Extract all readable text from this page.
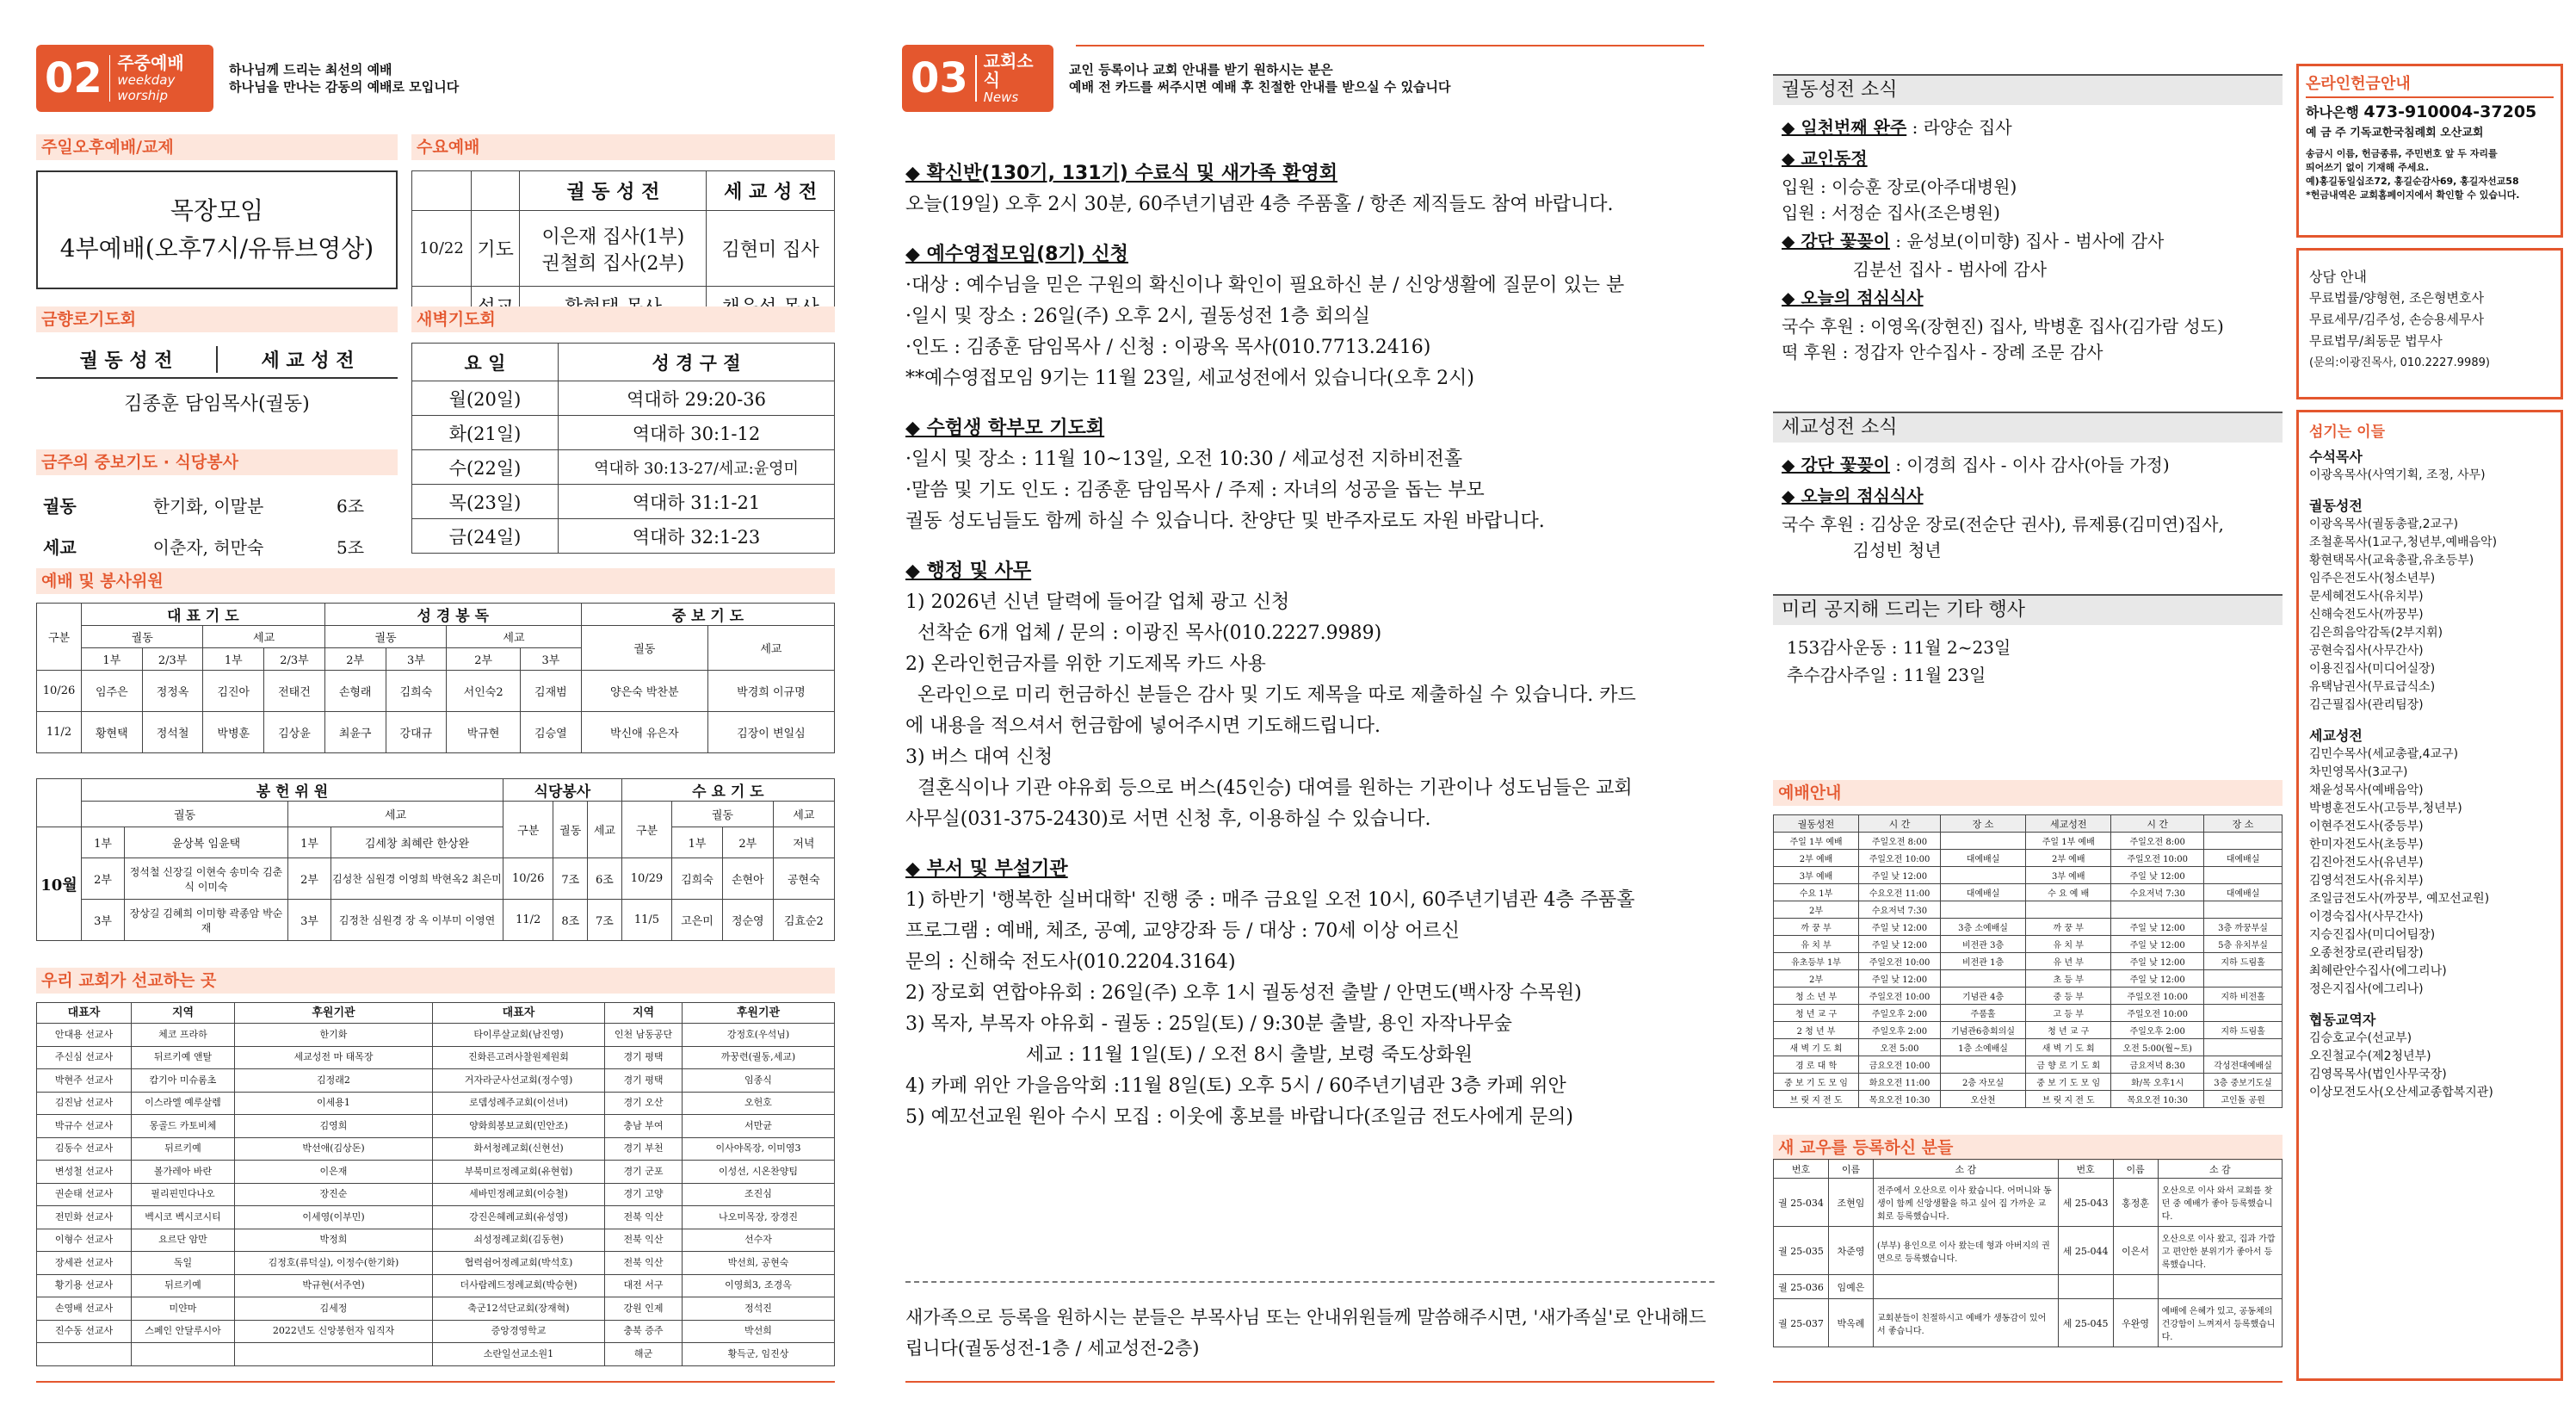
02 주중예배
weekday worship
하나님께 드리는 최선의 예배
하나님을 만나는 감동의 예배로 모입니다
주일오후예배/교제
목장모임
4부예배(오후7시/유튜브영상)
수요예배
		궐 동 성 전	세 교 성 전
10/22	기도	이은재 집사(1부)
권철희 집사(2부)	김현미 집사

금향로기도회
궐 동 성 전	세 교 성 전
김종훈 담임목사(궐동)
새벽기도회
요 일	성 경 구 절
월(20일)	역대하 29:20-36
화(21일)	역대하 30:1-12
수(22일)	역대하 30:13-27/세교:윤영미
목(23일)	역대하 31:1-21
금(24일)	역대하 32:1-23
금주의 중보기도 · 식당봉사
궐동	한기화, 이말분	6조
세교	이춘자, 허만숙	5조
예배 및 봉사위원
구분	대 표 기 도				성 경 봉 독				중 보 기 도	
	궐동		세교		궐동		세교		궐동	세교
	1부	2/3부	1부	2/3부	2부	3부	2부	3부		
10/26	임주은	정정옥	김진아	전태건	손형래	김희숙	서인숙2	김재범	양은숙 박찬분	박경희 이규명
11/2	황현택	정석철	박병훈	김상윤	최윤구	강대규	박규현	김승열	박신애 유은자	김장이 변일심
	봉 헌 위 원				식당봉사			수 요 기 도			
	궐동		세교		구분	궐동	세교	구분	궐동		세교
10월	1부	윤상복 임윤택	1부	김세창 최혜란 한상완					1부	2부	저녁
	2부	정석철 신장길 이현숙 송미숙 김춘식 이미숙	2부	김성찬 심원경 이영희 박현옥2 최은미	10/26	7조	6조	10/29	김희숙	손현아	공현숙
	3부	장상길 김혜희 이미향 곽종암 박순재	3부	김정찬 심원경 장 옥 이부미 이영연	11/2	8조	7조	11/5	고은미	정순영	김효순2
우리 교회가 선교하는 곳
대표자	지역	후원기관	대표자	지역	후원기관
안대용 선교사	체코 프라하	한기화	타이루살교회(남진영)	인천 남동공단	강정호(우석님)
주신심 선교사	뒤르키예 앤탈	세교성전 마 태목장	진화른고려사찰원제원회	경기 평택	까꿍련(궐동,세교)
박현주 선교사	캄기아 미슈롬초	김정래2	거자라군사선교회(정수영)	경기 평택	임종식
김진남 선교사	이스라엘 예루살렘	이세용1	로뎀성례주교회(이선녀)	경기 오산	오헌호
박규수 선교사	몽골드 카토비체	김영희	양화희봉보교회(민안조)	충남 부여	서만균
김동수 선교사	뒤르키예	박선애(김상돈)	화서청례교회(신현선)	경기 부천	이사야목장, 이미영3
변성철 선교사	볼가레아 바란	이은재	부북미르정례교회(유현험)	경기 군포	이성선, 시온찬양팀
권순태 선교사	필리핀민다나오	장진순	세바민정례교회(이승철)	경기 고양	조진심
전민화 선교사	벡시코 벡시코시티	이세영(이부민)	강진은혜례교회(유성영)	전북 익산	나오미목장, 장경진
이형수 선교사	요르단 암만	박정희	쇠성정례교회(김동현)	전북 익산	선수자
장세관 선교사	독일	김정호(류덕실), 이정수(한기화)	협력쉼어정례교회(박석호)	전북 익산	박선희, 공현숙
황기용 선교사	뒤르키예	박규현(서주연)	더사람례드정례교회(박승현)	대전 서구	이영희3, 조경옥
손영배 선교사	미얀마	김세정	축군12석단교회(장재혁)	강원 인제	정석진
진수동 선교사	스페인 안달루시아	2022년도 신앙봉헌자 임직자	증앙경영학교	충북 증주	박선희
			소란일선교소원1	해군	황득군, 임진상
03 교회소식
News
교인 등록이나 교회 안내를 받기 원하시는 분은
예배 전 카드를 써주시면 예배 후 친절한 안내를 받으실 수 있습니다
◆ 확신반(130기, 131기) 수료식 및 새가족 환영회
오늘(19일) 오후 2시 30분, 60주년기념관 4층 주품홀 / 항존 제직들도 참여 바랍니다.
◆ 예수영접모임(8기) 신청
·대상 : 예수님을 믿은 구원의 확신이나 확인이 필요하신 분 / 신앙생활에 질문이 있는 분
·일시 및 장소 : 26일(주) 오후 2시, 궐동성전 1층 회의실
·인도 : 김종훈 담임목사 / 신청 : 이광옥 목사(010.7713.2416)
**예수영접모임 9기는 11월 23일, 세교성전에서 있습니다(오후 2시)
◆ 수험생 학부모 기도회
·일시 및 장소 : 11월 10~13일, 오전 10:30 / 세교성전 지하비전홀
·말씀 및 기도 인도 : 김종훈 담임목사 / 주제 : 자녀의 성공을 돕는 부모
궐동 성도님들도 함께 하실 수 있습니다. 찬양단 및 반주자로도 자원 바랍니다.
◆ 행정 및 사무
1) 2026년 신년 달력에 들어갈 업체 광고 신청
선착순 6개 업체 / 문의 : 이광진 목사(010.2227.9989)
2) 온라인헌금자를 위한 기도제목 카드 사용
온라인으로 미리 헌금하신 분들은 감사 및 기도 제목을 따로 제출하실 수 있습니다. 카드
에 내용을 적으셔서 헌금함에 넣어주시면 기도해드립니다.
3) 버스 대여 신청
결혼식이나 기관 야유회 등으로 버스(45인승) 대여를 원하는 기관이나 성도님들은 교회
사무실(031-375-2430)로 서면 신청 후, 이용하실 수 있습니다.
◆ 부서 및 부설기관
1) 하반기 '행복한 실버대학' 진행 중 : 매주 금요일 오전 10시, 60주년기념관 4층 주품홀
프로그램 : 예배, 체조, 공예, 교양강좌 등 / 대상 : 70세 이상 어르신
문의 : 신해숙 전도사(010.2204.3164)
2) 장로회 연합야유회 : 26일(주) 오후 1시 궐동성전 출발 / 안면도(백사장 수목원)
3) 목자, 부목자 야유회 - 궐동 : 25일(토) / 9:30분 출발, 용인 자작나무숲
세교 : 11월 1일(토) / 오전 8시 출발, 보령 죽도상화원
4) 카페 위안 가을음악회 :11월 8일(토) 오후 5시 / 60주년기념관 3층 카페 위안
5) 예꼬선교원 원아 수시 모집 : 이웃에 홍보를 바랍니다(조일금 전도사에게 문의)
새가족으로 등록을 원하시는 분들은 부목사님 또는 안내위원들께 말씀해주시면, '새가족실'로 안내해드
립니다(궐동성전-1층 / 세교성전-2층)
궐동성전 소식
◆ 일천번째 완주 : 라양순 집사
◆ 교인동정
입원 : 이승훈 장로(아주대병원)
입원 : 서정순 집사(조은병원)
◆ 강단 꽃꽂이 : 윤성보(이미향) 집사 - 범사에 감사
김분선 집사 - 범사에 감사
◆ 오늘의 점심식사
국수 후원 : 이영옥(장현진) 집사, 박병훈 집사(김가람 성도)
떡 후원 : 정갑자 안수집사 - 장례 조문 감사
세교성전 소식
◆ 강단 꽃꽂이 : 이경희 집사 - 이사 감사(아들 가정)
◆ 오늘의 점심식사
국수 후원 : 김상운 장로(전순단 권사), 류제룡(김미연)집사,
김성빈 청년
미리 공지해 드리는 기타 행사
153감사운동 : 11월 2~23일
추수감사주일 : 11월 23일
예배안내
궐동성전	시 간	장 소	세교성전	시 간	장 소
주일 1부 예배	주일오전 8:00		주일 1부 예배	주일오전 8:00	
2부 예배	주일오전 10:00	대예배실	2부 예배	주일오전 10:00	대예배실
3부 예배	주일 낮 12:00		3부 예배	주일 낮 12:00	
수요 1부	수요오전 11:00	대예배실	수 요 예 배	수요저녁 7:30	대예배실
2부	수요저녁 7:30				
까 꿍 부	주일 낮 12:00	3층 소예배실	까 꿍 부	주일 낮 12:00	3층 까꿍부실
유 치 부	주일 낮 12:00	비전관 3층	유 치 부	주일 낮 12:00	5층 유치부실
유초등부 1부	주일오전 10:00	비전관 1층	유 년 부	주일 낮 12:00	지하 드림홀
2부	주일 낮 12:00		초 등 부	주일 낮 12:00	
청 소 년 부	주일오전 10:00	기념관 4층	중 등 부	주일오전 10:00	지하 비전홀
청 년 교 구	주일오후 2:00	주품홀	고 등 부	주일오전 10:00	
2 청 년 부	주일오후 2:00	기념관6층회의실	청 년 교 구	주일오후 2:00	지하 드림홀
새 벽 기 도 회	오전 5:00	1층 소예배실	새 벽 기 도 회	오전 5:00(월∼토)	
경 로 대 학	금요오전 10:00		금 향 로 기 도 회	금요저녁 8:30	각성전대예배실
중 보 기 도 모 임	화요오전 11:00	2층 자모실	중 보 기 도 모 임	화/목 오후1시	3층 중보기도실
브 릿 지 전 도	목요오전 10:30	오산천	브 릿 지 전 도	목요오전 10:30	고인돌 공원
새 교우를 등록하신 분들
번호	이름	소 감	번호	이름	소 감
궐 25-034	조현임	전주에서 오산으로 이사 왔습니다. 어머니와 동생이 함께 신앙생활을 하고 싶어 집 가까운 교회로 등록했습니다.	세 25-043	홍정훈	오산으로 이사 와서 교회를 찾던 중 예배가 좋아 등록했습니다.
궐 25-035	차준영	(부부) 용인으로 이사 왔는데 형과 아버지의 권면으로 등록했습니다.	세 25-044	이은서	오산으로 이사 왔고, 집과 가깝고 편안한 분위기가 좋아서 등록했습니다.
궐 25-036	임예은				
궐 25-037	박옥례	교회분들이 친절하시고 예배가 생동감이 있어서 좋습니다.	세 25-045	우완영	예배에 은혜가 있고, 공동체의 건강함이 느껴져서 등록했습니다.
온라인헌금안내
하나은행 473-910004-37205
예 금 주 기독교한국침례회 오산교회
송금시 이름, 헌금종류, 주민번호 앞 두 자리를
띄어쓰기 없이 기재해 주세요.
예)홍길동일십조72, 홍길순감사69, 홍길자선교58
*헌금내역은 교회홈페이지에서 확인할 수 있습니다.
상담 안내
무료법률/양형현, 조은형변호사
무료세무/김주성, 손승용세무사
무료법무/최동문 법무사
(문의:이광진목사, 010.2227.9989)
섬기는 이들
수석목사
이광옥목사(사역기획, 조정, 사무)
궐동성전
이광옥목사(궐동총괄,2교구)
조철훈목사(1교구,청년부,예배음악)
황현택목사(교육총괄,유초등부)
임주은전도사(청소년부)
문세혜전도사(유치부)
신해숙전도사(까꿍부)
김은희음악감독(2부지휘)
공현숙집사(사무간사)
이용진집사(미디어실장)
유택남권사(무료급식소)
김근필집사(관리팀장)
세교성전
김민수목사(세교총괄,4교구)
차민영목사(3교구)
채윤성목사(예배음악)
박병훈전도사(고등부,청년부)
이현주전도사(중등부)
한미자전도사(초등부)
김진아전도사(유년부)
김영석전도사(유치부)
조일금전도사(까꿍부, 예꼬선교원)
이경숙집사(사무간사)
지승진집사(미디어팀장)
오종천장로(관리팀장)
최혜란안수집사(에그리나)
정은지집사(에그리나)
협동교역자
김승호교수(선교부)
오진철교수(제2청년부)
김영목목사(법인사무국장)
이상모전도사(오산세교종합복지관)
